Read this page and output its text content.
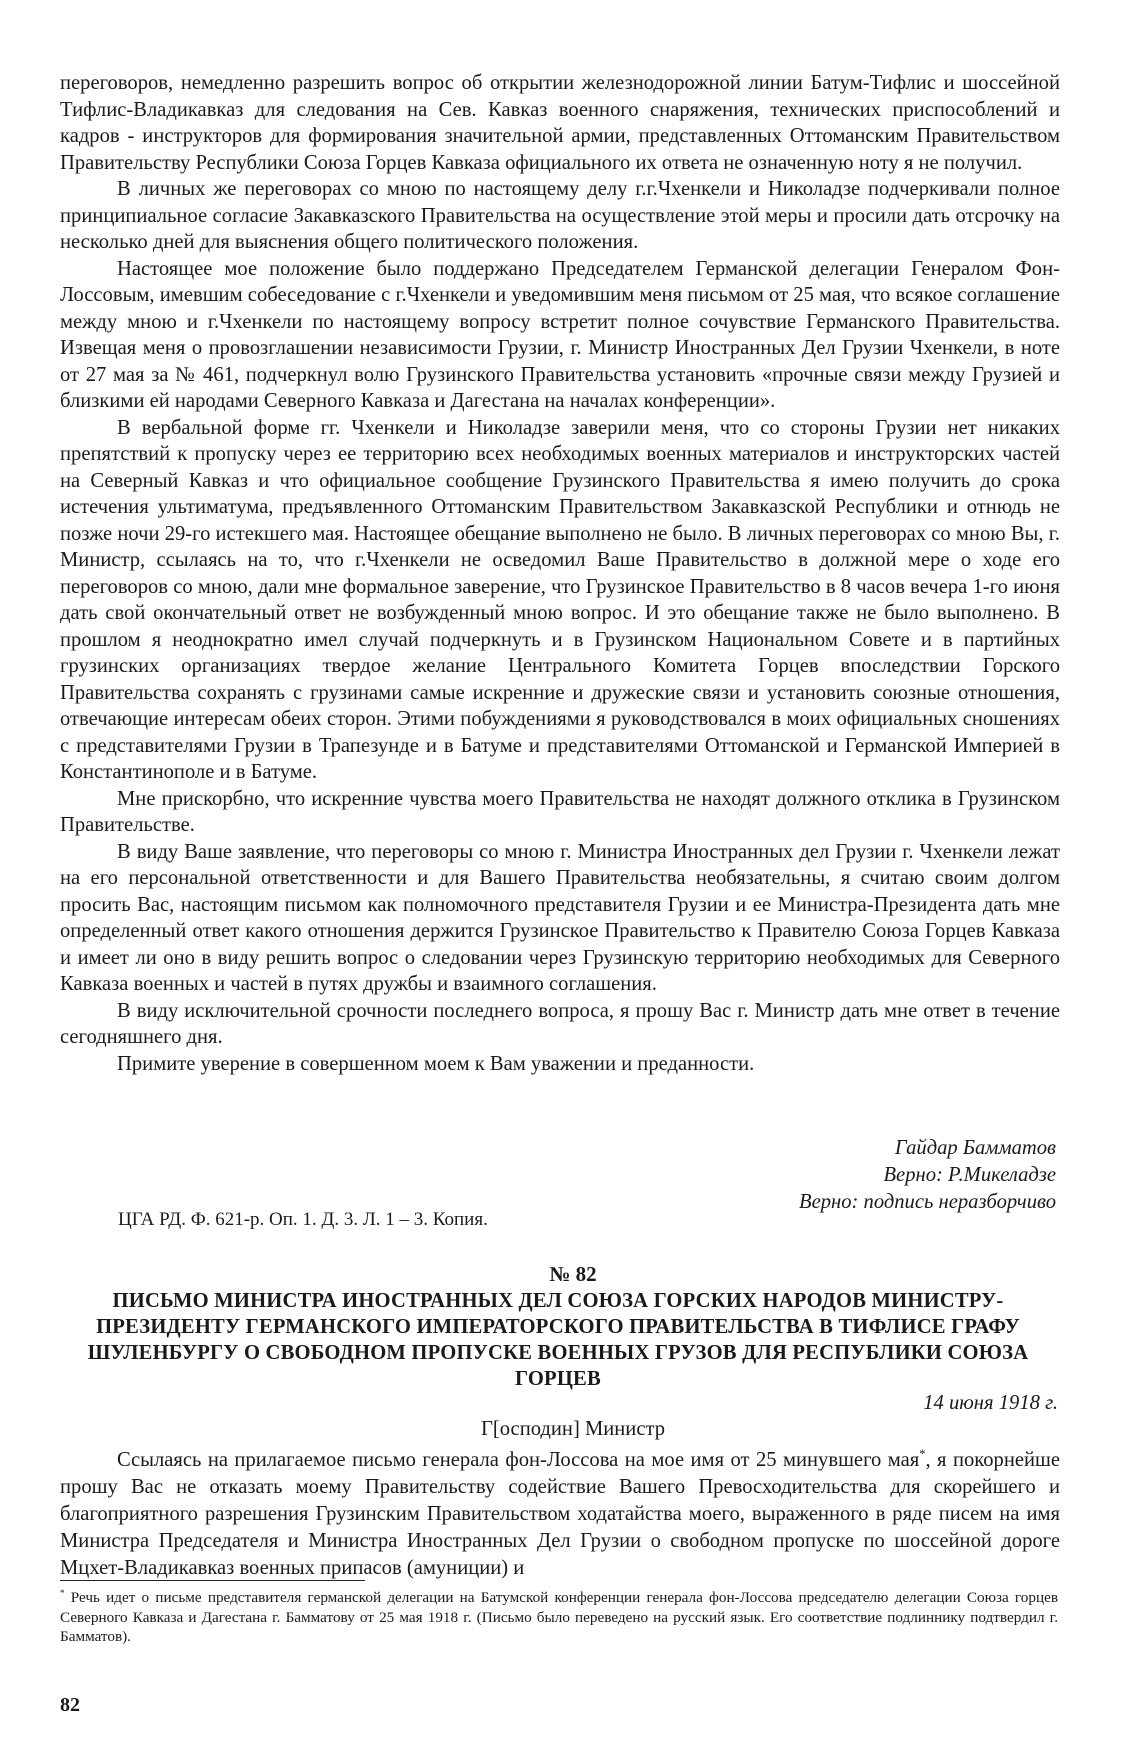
переговоров, немедленно разрешить вопрос об открытии железнодорожной линии Батум-Тифлис и шоссейной Тифлис-Владикавказ для следования на Сев. Кавказ военного снаряжения, технических приспособлений и кадров - инструкторов для формирования значительной армии, представленных Оттоманским Правительством Правительству Республики Союза Горцев Кавказа официального их ответа не означенную ноту я не получил.

В личных же переговорах со мною по настоящему делу г.г.Чхенкели и Николадзе подчеркивали полное принципиальное согласие Закавказского Правительства на осуществление этой меры и просили дать отсрочку на несколько дней для выяснения общего политического положения.

Настоящее мое положение было поддержано Председателем Германской делегации Генералом Фон-Лоссовым, имевшим собеседование с г.Чхенкели и уведомившим меня письмом от 25 мая, что всякое соглашение между мною и г.Чхенкели по настоящему вопросу встретит полное сочувствие Германского Правительства. Извещая меня о провозглашении независимости Грузии, г. Министр Иностранных Дел Грузии Чхенкели, в ноте от 27 мая за № 461, подчеркнул волю Грузинского Правительства установить «прочные связи между Грузией и близкими ей народами Северного Кавказа и Дагестана на началах конференции».

В вербальной форме гг. Чхенкели и Николадзе заверили меня, что со стороны Грузии нет никаких препятствий к пропуску через ее территорию всех необходимых военных материалов и инструкторских частей на Северный Кавказ и что официальное сообщение Грузинского Правительства я имею получить до срока истечения ультиматума, предъявленного Оттоманским Правительством Закавказской Республики и отнюдь не позже ночи 29-го истекшего мая. Настоящее обещание выполнено не было. В личных переговорах со мною Вы, г. Министр, ссылаясь на то, что г.Чхенкели не осведомил Ваше Правительство в должной мере о ходе его переговоров со мною, дали мне формальное заверение, что Грузинское Правительство в 8 часов вечера 1-го июня дать свой окончательный ответ не возбужденный мною вопрос. И это обещание также не было выполнено. В прошлом я неоднократно имел случай подчеркнуть и в Грузинском Национальном Совете и в партийных грузинских организациях твердое желание Центрального Комитета Горцев впоследствии Горского Правительства сохранять с грузинами самые искренние и дружеские связи и установить союзные отношения, отвечающие интересам обеих сторон. Этими побуждениями я руководствовался в моих официальных сношениях с представителями Грузии в Трапезунде и в Батуме и представителями Оттоманской и Германской Империей в Константинополе и в Батуме.

Мне прискорбно, что искренние чувства моего Правительства не находят должного отклика в Грузинском Правительстве.

В виду Ваше заявление, что переговоры со мною г. Министра Иностранных дел Грузии г. Чхенкели лежат на его персональной ответственности и для Вашего Правительства необязательны, я считаю своим долгом просить Вас, настоящим письмом как полномочного представителя Грузии и ее Министра-Президента дать мне определенный ответ какого отношения держится Грузинское Правительство к Правителю Союза Горцев Кавказа и имеет ли оно в виду решить вопрос о следовании через Грузинскую территорию необходимых для Северного Кавказа военных и частей в путях дружбы и взаимного соглашения.

В виду исключительной срочности последнего вопроса, я прошу Вас г. Министр дать мне ответ в течение сегодняшнего дня.

Примите уверение в совершенном моем к Вам уважении и преданности.

Гайдар Бамматов
Верно: Р.Микеладзе
Верно: подпись неразборчиво
ЦГА РД. Ф. 621-р. Оп. 1. Д. 3. Л. 1 – 3. Копия.
№ 82
ПИСЬМО МИНИСТРА ИНОСТРАННЫХ ДЕЛ СОЮЗА ГОРСКИХ НАРОДОВ МИНИСТРУ-ПРЕЗИДЕНТУ ГЕРМАНСКОГО ИМПЕРАТОРСКОГО ПРАВИТЕЛЬСТВА В ТИФЛИСЕ ГРАФУ ШУЛЕНБУРГУ О СВОБОДНОМ ПРОПУСКЕ ВОЕННЫХ ГРУЗОВ ДЛЯ РЕСПУБЛИКИ СОЮЗА ГОРЦЕВ
14 июня 1918 г.
Г[осподин] Министр

Ссылаясь на прилагаемое письмо генерала фон-Лоссова на мое имя от 25 минувшего мая*, я покорнейше прошу Вас не отказать моему Правительству содействие Вашего Превосходительства для скорейшего и благоприятного разрешения Грузинским Правительством ходатайства моего, выраженного в ряде писем на имя Министра Председателя и Министра Иностранных Дел Грузии о свободном пропуске по шоссейной дороге Мцхет-Владикавказ военных припасов (амуниции) и

* Речь идет о письме представителя германской делегации на Батумской конференции генерала фон-Лоссова председателю делегации Союза горцев Северного Кавказа и Дагестана г. Бамматову от 25 мая 1918 г. (Письмо было переведено на русский язык. Его соответствие подлиннику подтвердил г. Бамматов).
82
